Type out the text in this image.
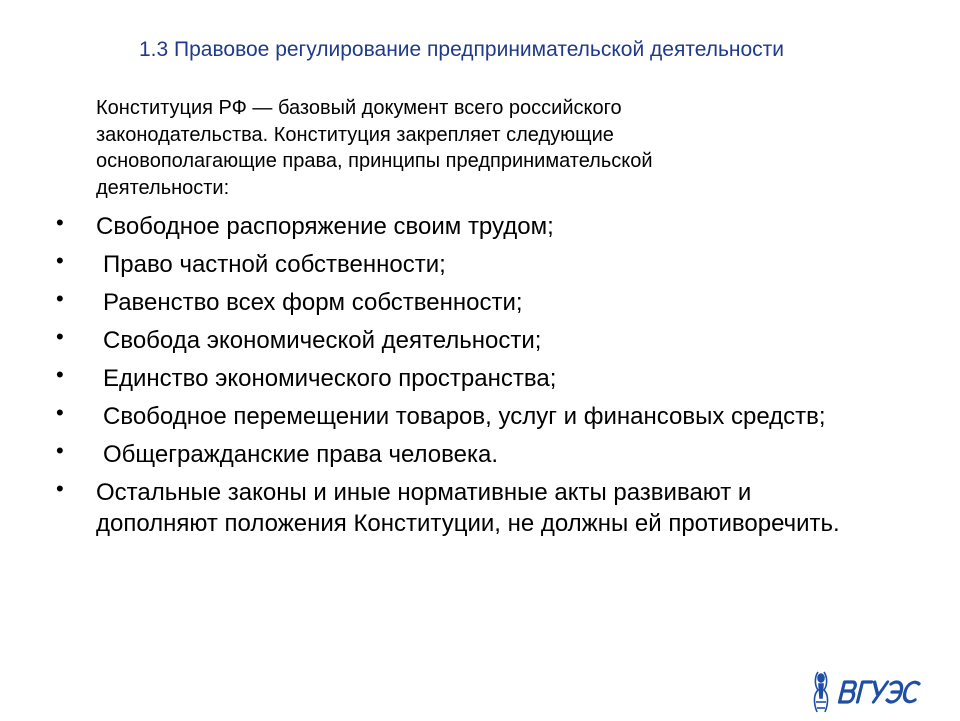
1.3 Правовое регулирование предпринимательской деятельности
Конституция РФ — базовый документ всего российского законодательства. Конституция закрепляет следующие основополагающие права, принципы предпринимательской деятельности:
• Свободное распоряжение своим трудом;
• Право частной собственности;
• Равенство всех форм собственности;
• Свобода экономической деятельности;
• Единство экономического пространства;
• Свободное перемещении товаров, услуг и финансовых средств;
• Общегражданские права человека.
• Остальные законы и иные нормативные акты развивают и дополняют положения Конституции, не должны ей противоречить.
